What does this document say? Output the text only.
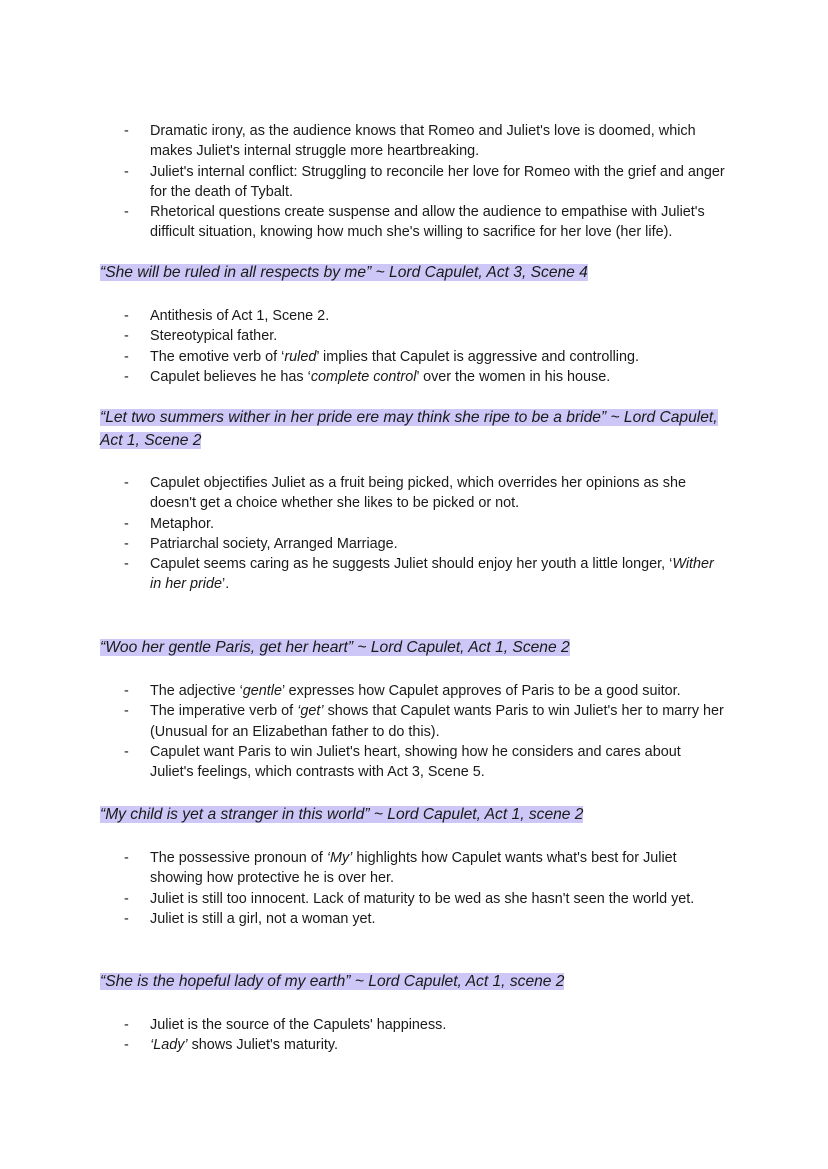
- Dramatic irony, as the audience knows that Romeo and Juliet's love is doomed, which makes Juliet's internal struggle more heartbreaking.
- Juliet's internal conflict: Struggling to reconcile her love for Romeo with the grief and anger for the death of Tybalt.
- Rhetorical questions create suspense and allow the audience to empathise with Juliet's difficult situation, knowing how much she's willing to sacrifice for her love (her life).
“She will be ruled in all respects by me” ~ Lord Capulet, Act 3, Scene 4
- Antithesis of Act 1, Scene 2.
- Stereotypical father.
- The emotive verb of ‘ruled’ implies that Capulet is aggressive and controlling.
- Capulet believes he has ‘complete control’ over the women in his house.
“Let two summers wither in her pride ere may think she ripe to be a bride” ~ Lord Capulet, Act 1, Scene 2
- Capulet objectifies Juliet as a fruit being picked, which overrides her opinions as she doesn't get a choice whether she likes to be picked or not.
- Metaphor.
- Patriarchal society, Arranged Marriage.
- Capulet seems caring as he suggests Juliet should enjoy her youth a little longer, ‘Wither in her pride’.
“Woo her gentle Paris, get her heart” ~ Lord Capulet, Act 1, Scene 2
- The adjective ‘gentle’ expresses how Capulet approves of Paris to be a good suitor.
- The imperative verb of ‘get’ shows that Capulet wants Paris to win Juliet's her to marry her (Unusual for an Elizabethan father to do this).
- Capulet want Paris to win Juliet's heart, showing how he considers and cares about Juliet's feelings, which contrasts with Act 3, Scene 5.
“My child is yet a stranger in this world” ~ Lord Capulet, Act 1, scene 2
- The possessive pronoun of ‘My’ highlights how Capulet wants what's best for Juliet showing how protective he is over her.
- Juliet is still too innocent. Lack of maturity to be wed as she hasn't seen the world yet.
- Juliet is still a girl, not a woman yet.
“She is the hopeful lady of my earth” ~ Lord Capulet, Act 1, scene 2
- Juliet is the source of the Capulets' happiness.
- ‘Lady’ shows Juliet's maturity.
